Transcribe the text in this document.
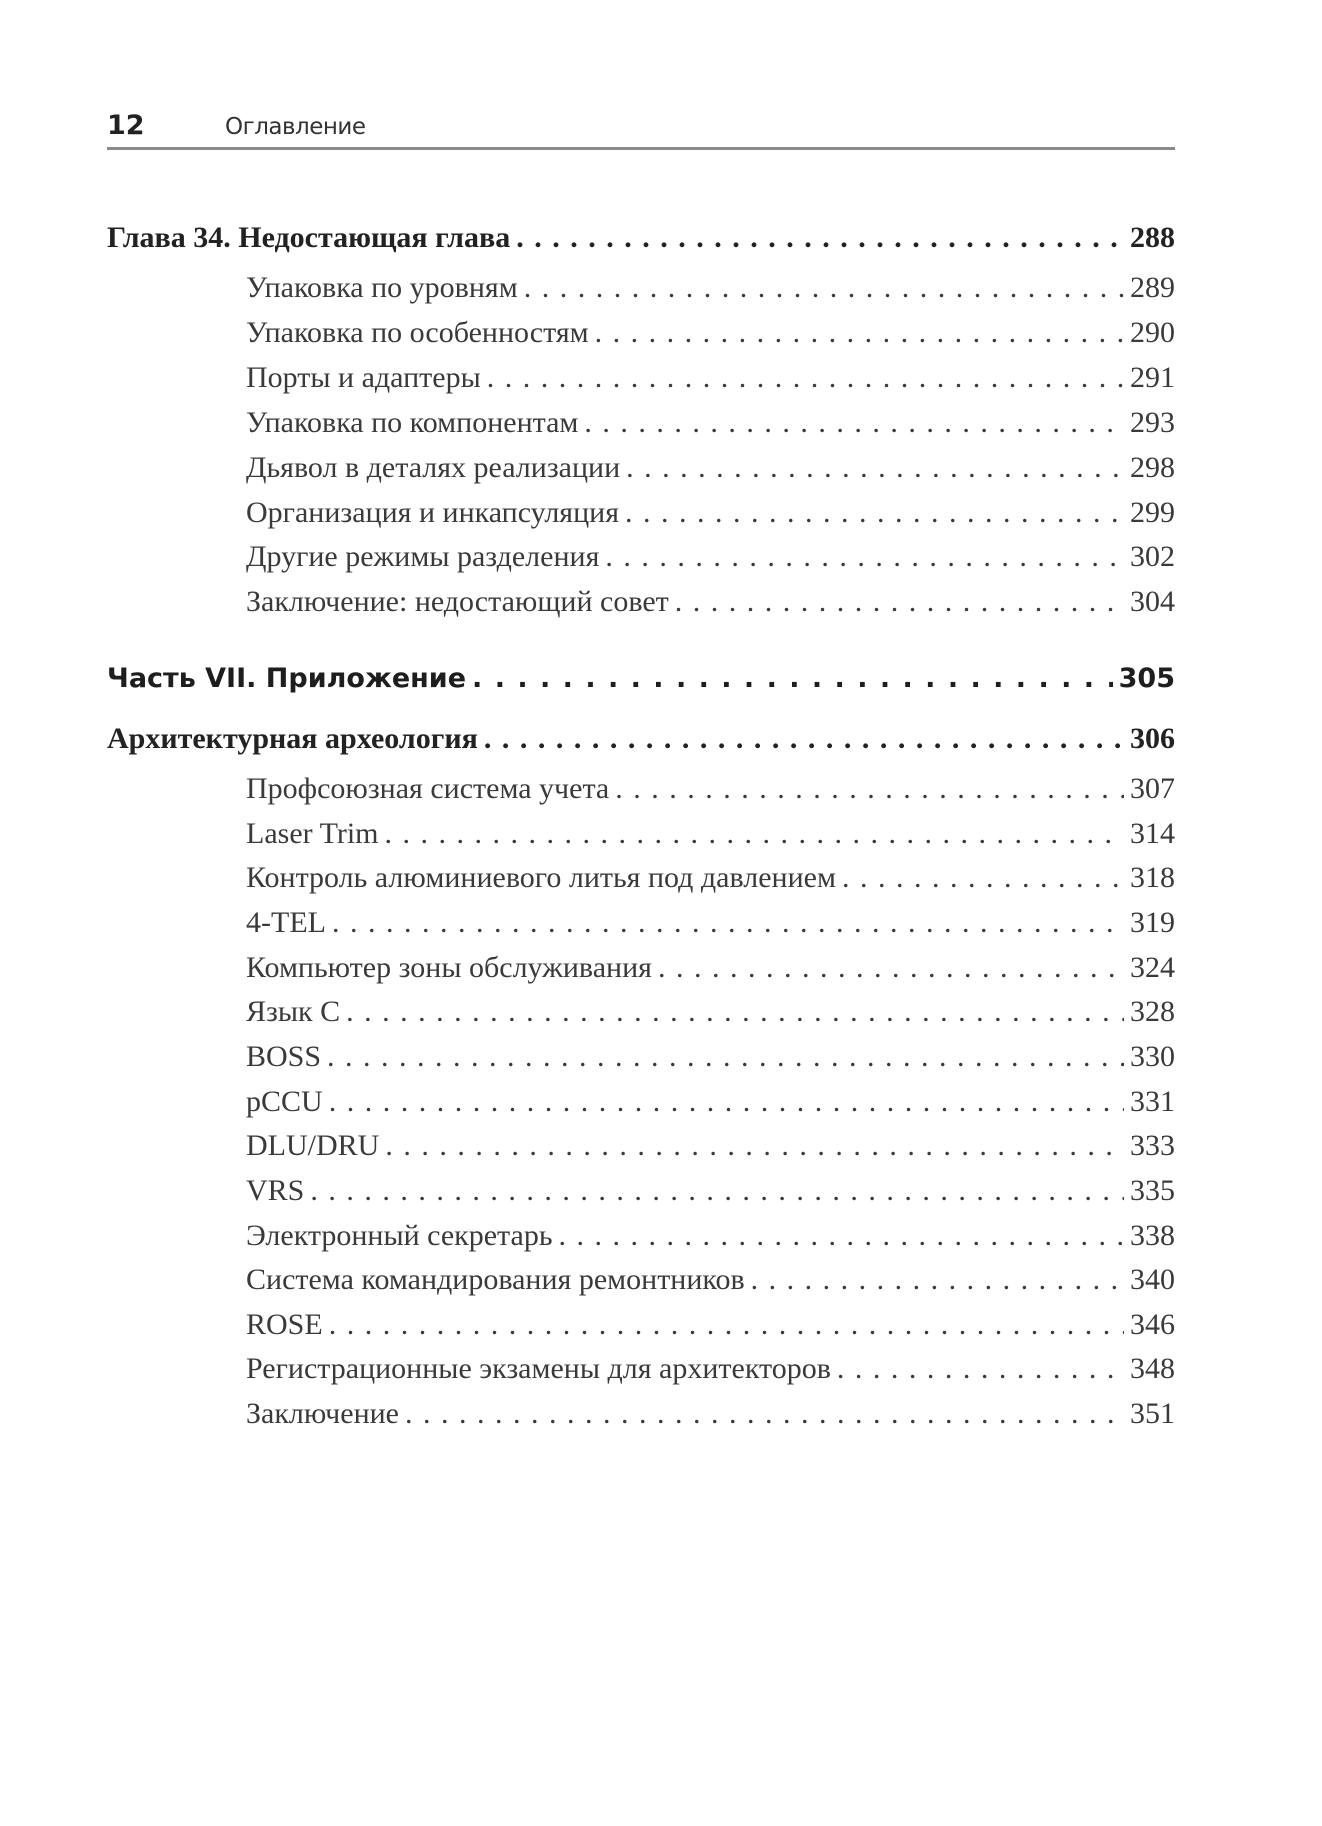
12	Оглавление
Глава 34. Недостающая глава . . .	288
Упаковка по уровням . . .	289
Упаковка по особенностям . . .	290
Порты и адаптеры . . .	291
Упаковка по компонентам . . .	293
Дьявол в деталях реализации . . .	298
Организация и инкапсуляция . . .	299
Другие режимы разделения . . .	302
Заключение: недостающий совет . . .	304
Часть VII. Приложение . . .	305
Архитектурная археология . . .	306
Профсоюзная система учета . . .	307
Laser Trim . . .	314
Контроль алюминиевого литья под давлением . . .	318
4-TEL . . .	319
Компьютер зоны обслуживания . . .	324
Язык C . . .	328
BOSS . . .	330
pCCU . . .	331
DLU/DRU . . .	333
VRS . . .	335
Электронный секретарь . . .	338
Система командирования ремонтников . . .	340
ROSE . . .	346
Регистрационные экзамены для архитекторов . . .	348
Заключение . . .	351
